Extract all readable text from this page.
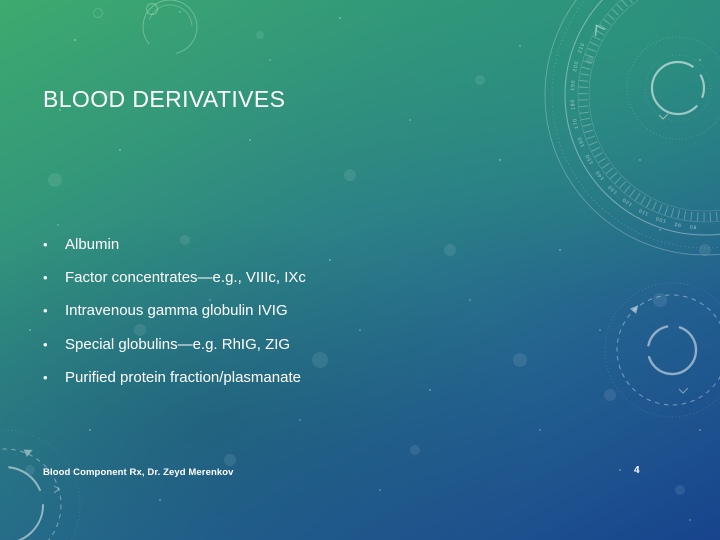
80 90 100 110 120 130 140 150 160 170 180 190 200 210
BLOOD DERIVATIVES
•	Albumin
•	Factor concentrates—e.g., VIIIc, IXc
•	Intravenous gamma globulin IVIG
•	Special globulins—e.g. RhIG, ZIG
•	Purified protein fraction/plasmanate
Blood Component Rx, Dr. Zeyd Merenkov	4
